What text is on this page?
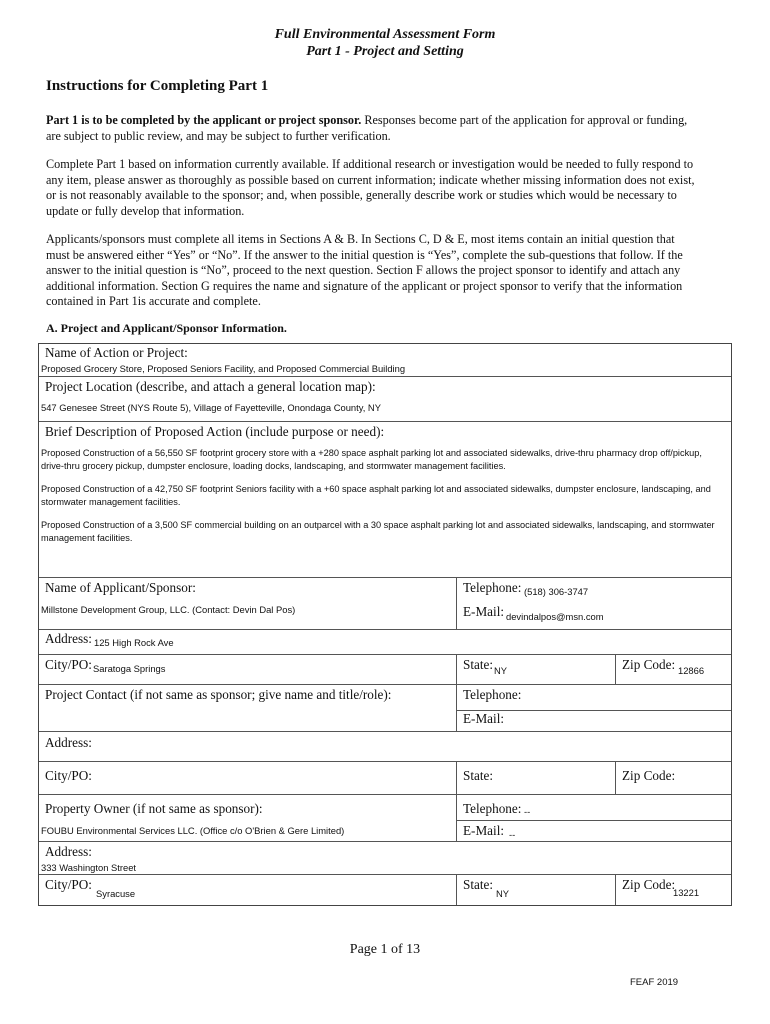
Full Environmental Assessment Form
Part 1 - Project and Setting
Instructions for Completing Part 1
Part 1 is to be completed by the applicant or project sponsor. Responses become part of the application for approval or funding,
are subject to public review, and may be subject to further verification.
Complete Part 1 based on information currently available. If additional research or investigation would be needed to fully respond to
any item, please answer as thoroughly as possible based on current information; indicate whether missing information does not exist,
or is not reasonably available to the sponsor; and, when possible, generally describe work or studies which would be necessary to
update or fully develop that information.
Applicants/sponsors must complete all items in Sections A & B. In Sections C, D & E, most items contain an initial question that
must be answered either “Yes” or “No”. If the answer to the initial question is “Yes”, complete the sub-questions that follow. If the
answer to the initial question is “No”, proceed to the next question. Section F allows the project sponsor to identify and attach any
additional information. Section G requires the name and signature of the applicant or project sponsor to verify that the information
contained in Part 1is accurate and complete.
A. Project and Applicant/Sponsor Information.
Name of Action or Project:
Proposed Grocery Store, Proposed Seniors Facility, and Proposed Commercial Building
Project Location (describe, and attach a general location map):
547 Genesee Street (NYS Route 5), Village of Fayetteville, Onondaga County, NY
Brief Description of Proposed Action (include purpose or need):
Proposed Construction of a 56,550 SF footprint grocery store with a +280 space asphalt parking lot and associated sidewalks, drive-thru pharmacy drop off/pickup, drive-thru grocery pickup, dumpster enclosure, loading docks, landscaping, and stormwater management facilities.
Proposed Construction of a 42,750 SF footprint Seniors facility with a +60 space asphalt parking lot and associated sidewalks, dumpster enclosure, landscaping, and stormwater management facilities.
Proposed Construction of a 3,500 SF commercial building on an outparcel with a 30 space asphalt parking lot and associated sidewalks, landscaping, and stormwater management facilities.
Name of Applicant/Sponsor:
Millstone Development Group, LLC. (Contact: Devin Dal Pos)
Telephone: (518) 306-3747
E-Mail: devindalpos@msn.com
Address: 125 High Rock Ave
City/PO: Saratoga Springs	State: NY	Zip Code: 12866
Project Contact (if not same as sponsor; give name and title/role):	Telephone:
E-Mail:
Address:
City/PO:	State:	Zip Code:
Property Owner (if not same as sponsor):
FOUBU Environmental Services LLC. (Office c/o O'Brien & Gere Limited)
Telephone: --
E-Mail: --
Address:
333 Washington Street
City/PO:
Syracuse
State:
NY
Zip Code:
13221
Page 1 of 13
FEAF 2019
